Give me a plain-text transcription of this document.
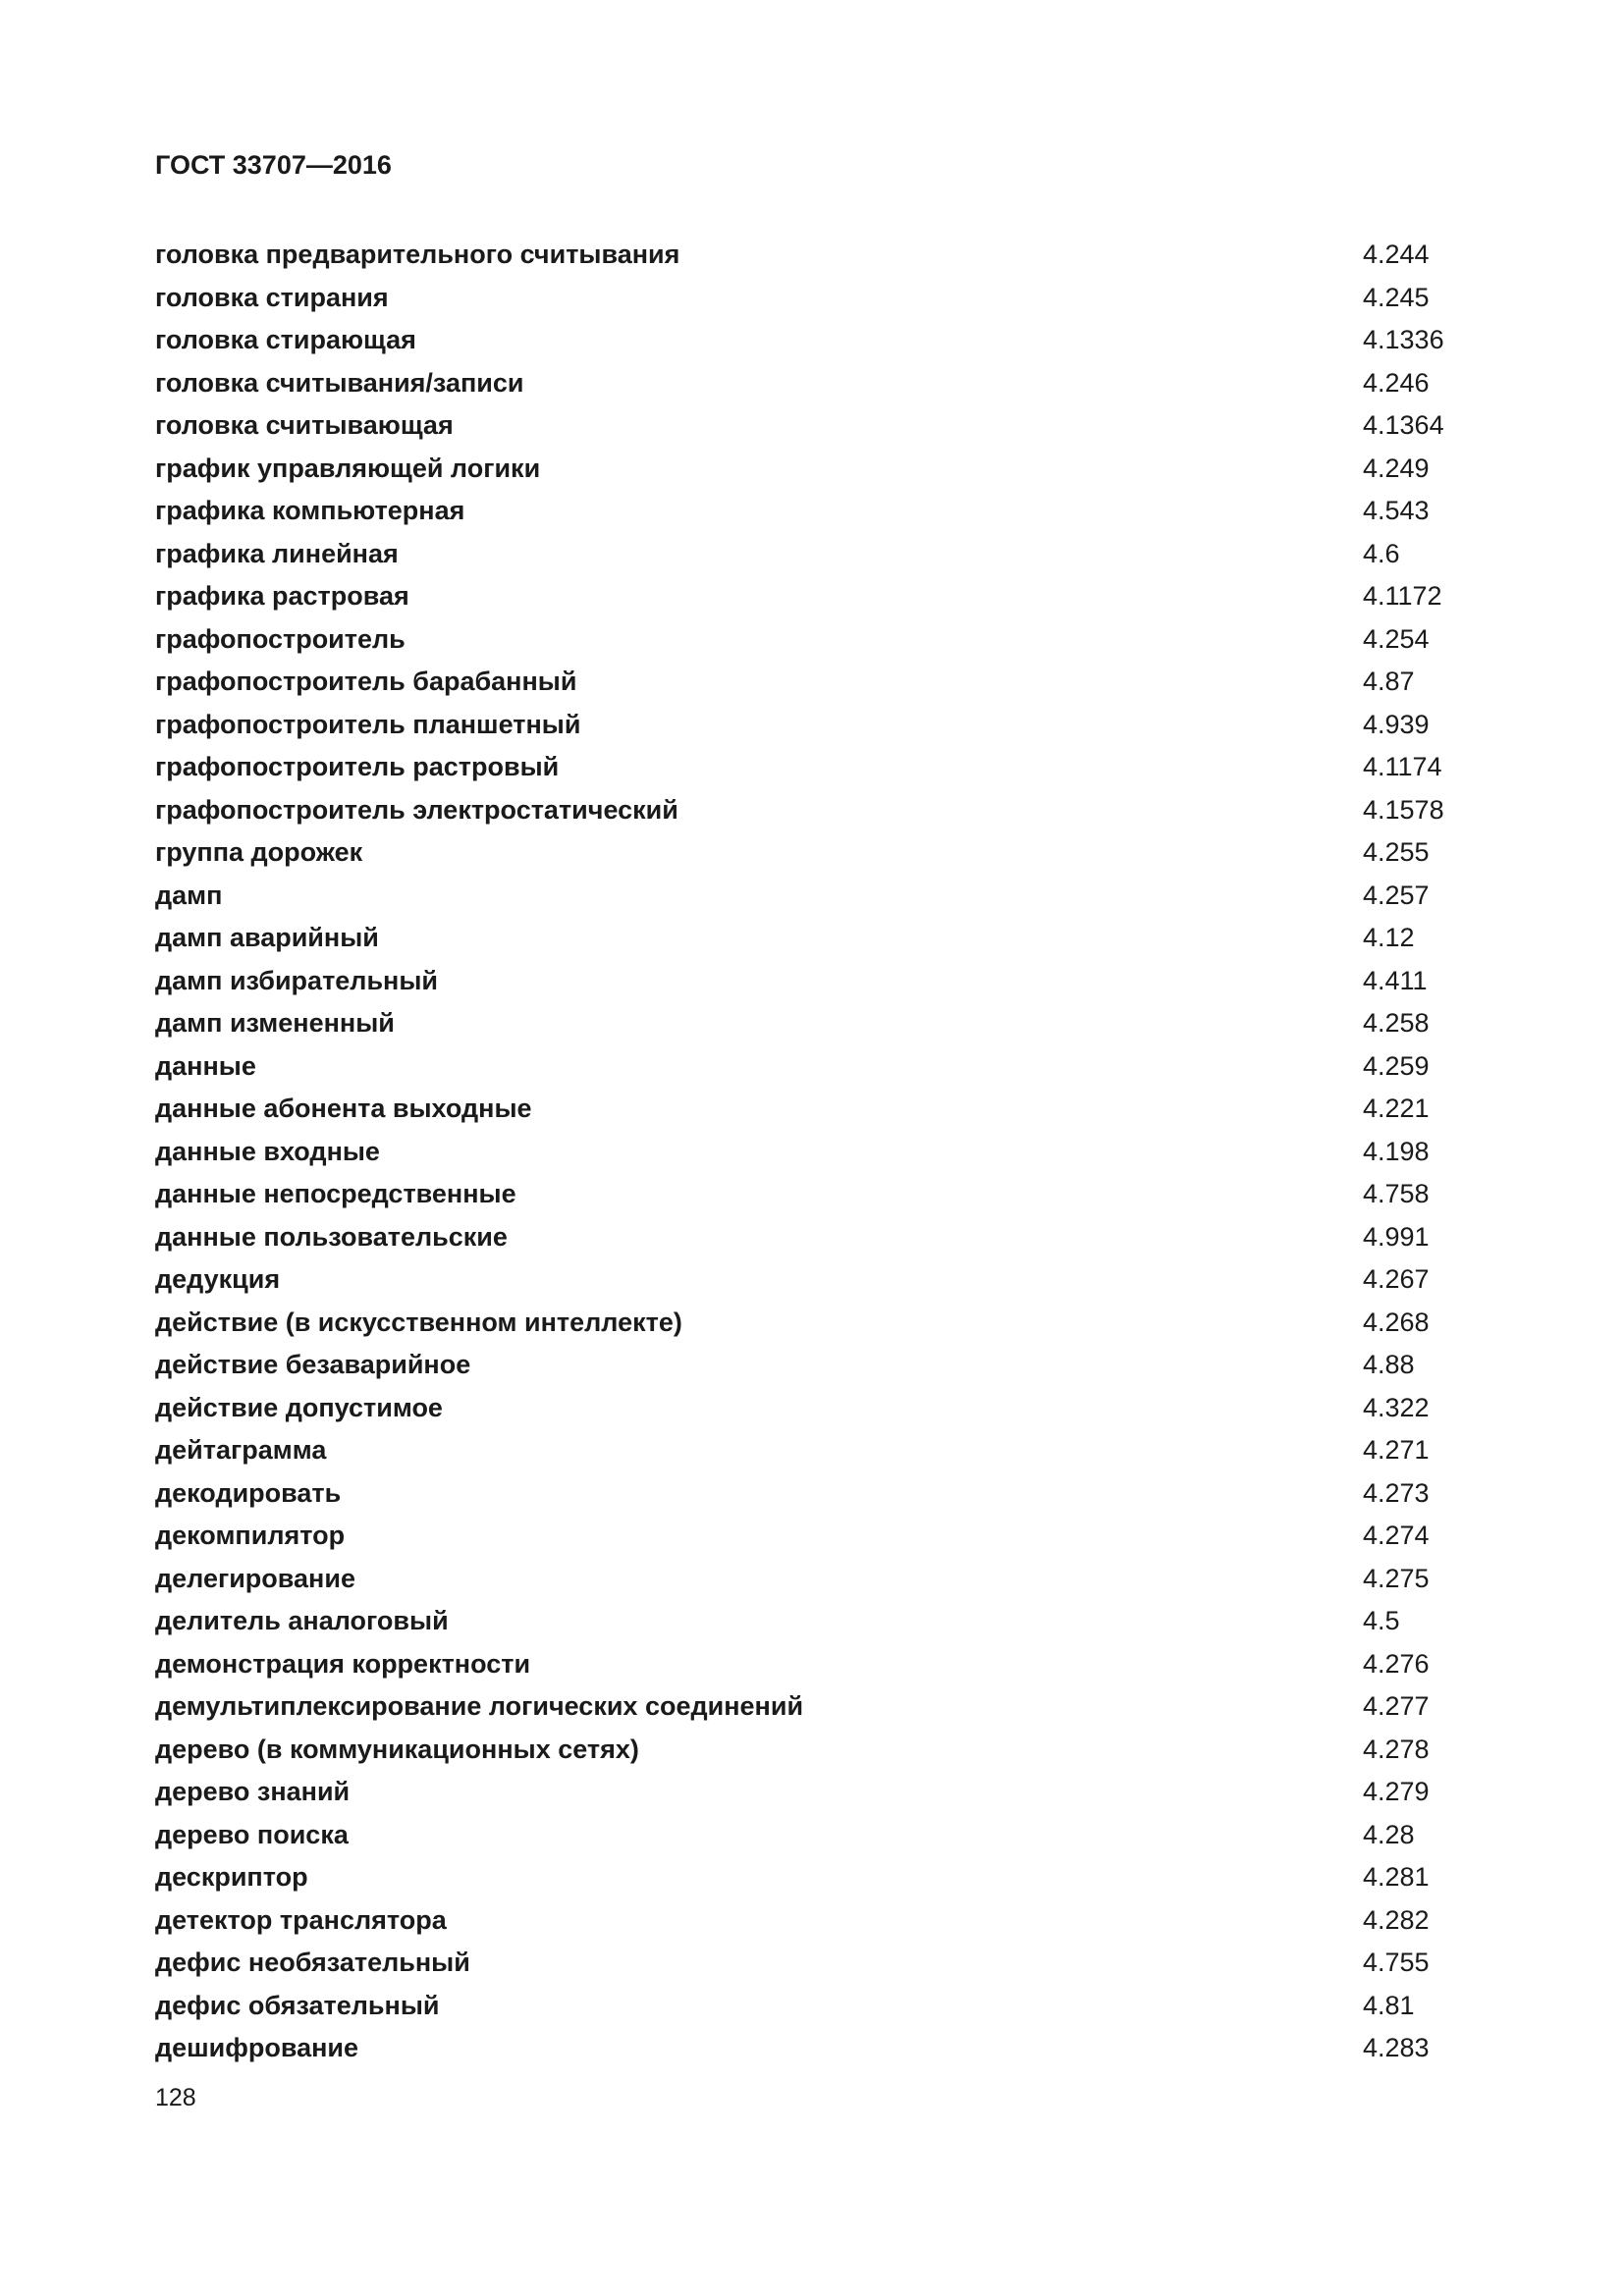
ГОСТ 33707—2016
головка предварительного считывания	4.244
головка стирания	4.245
головка стирающая	4.1336
головка считывания/записи	4.246
головка считывающая	4.1364
график управляющей логики	4.249
графика компьютерная	4.543
графика линейная	4.6
графика растровая	4.1172
графопостроитель	4.254
графопостроитель барабанный	4.87
графопостроитель планшетный	4.939
графопостроитель растровый	4.1174
графопостроитель электростатический	4.1578
группа дорожек	4.255
дамп	4.257
дамп аварийный	4.12
дамп избирательный	4.411
дамп измененный	4.258
данные	4.259
данные абонента выходные	4.221
данные входные	4.198
данные непосредственные	4.758
данные пользовательские	4.991
дедукция	4.267
действие (в искусственном интеллекте)	4.268
действие безаварийное	4.88
действие допустимое	4.322
дейтаграмма	4.271
декодировать	4.273
декомпилятор	4.274
делегирование	4.275
делитель аналоговый	4.5
демонстрация корректности	4.276
демультиплексирование логических соединений	4.277
дерево (в коммуникационных сетях)	4.278
дерево знаний	4.279
дерево поиска	4.28
дескриптор	4.281
детектор транслятора	4.282
дефис необязательный	4.755
дефис обязательный	4.81
дешифрование	4.283

128
